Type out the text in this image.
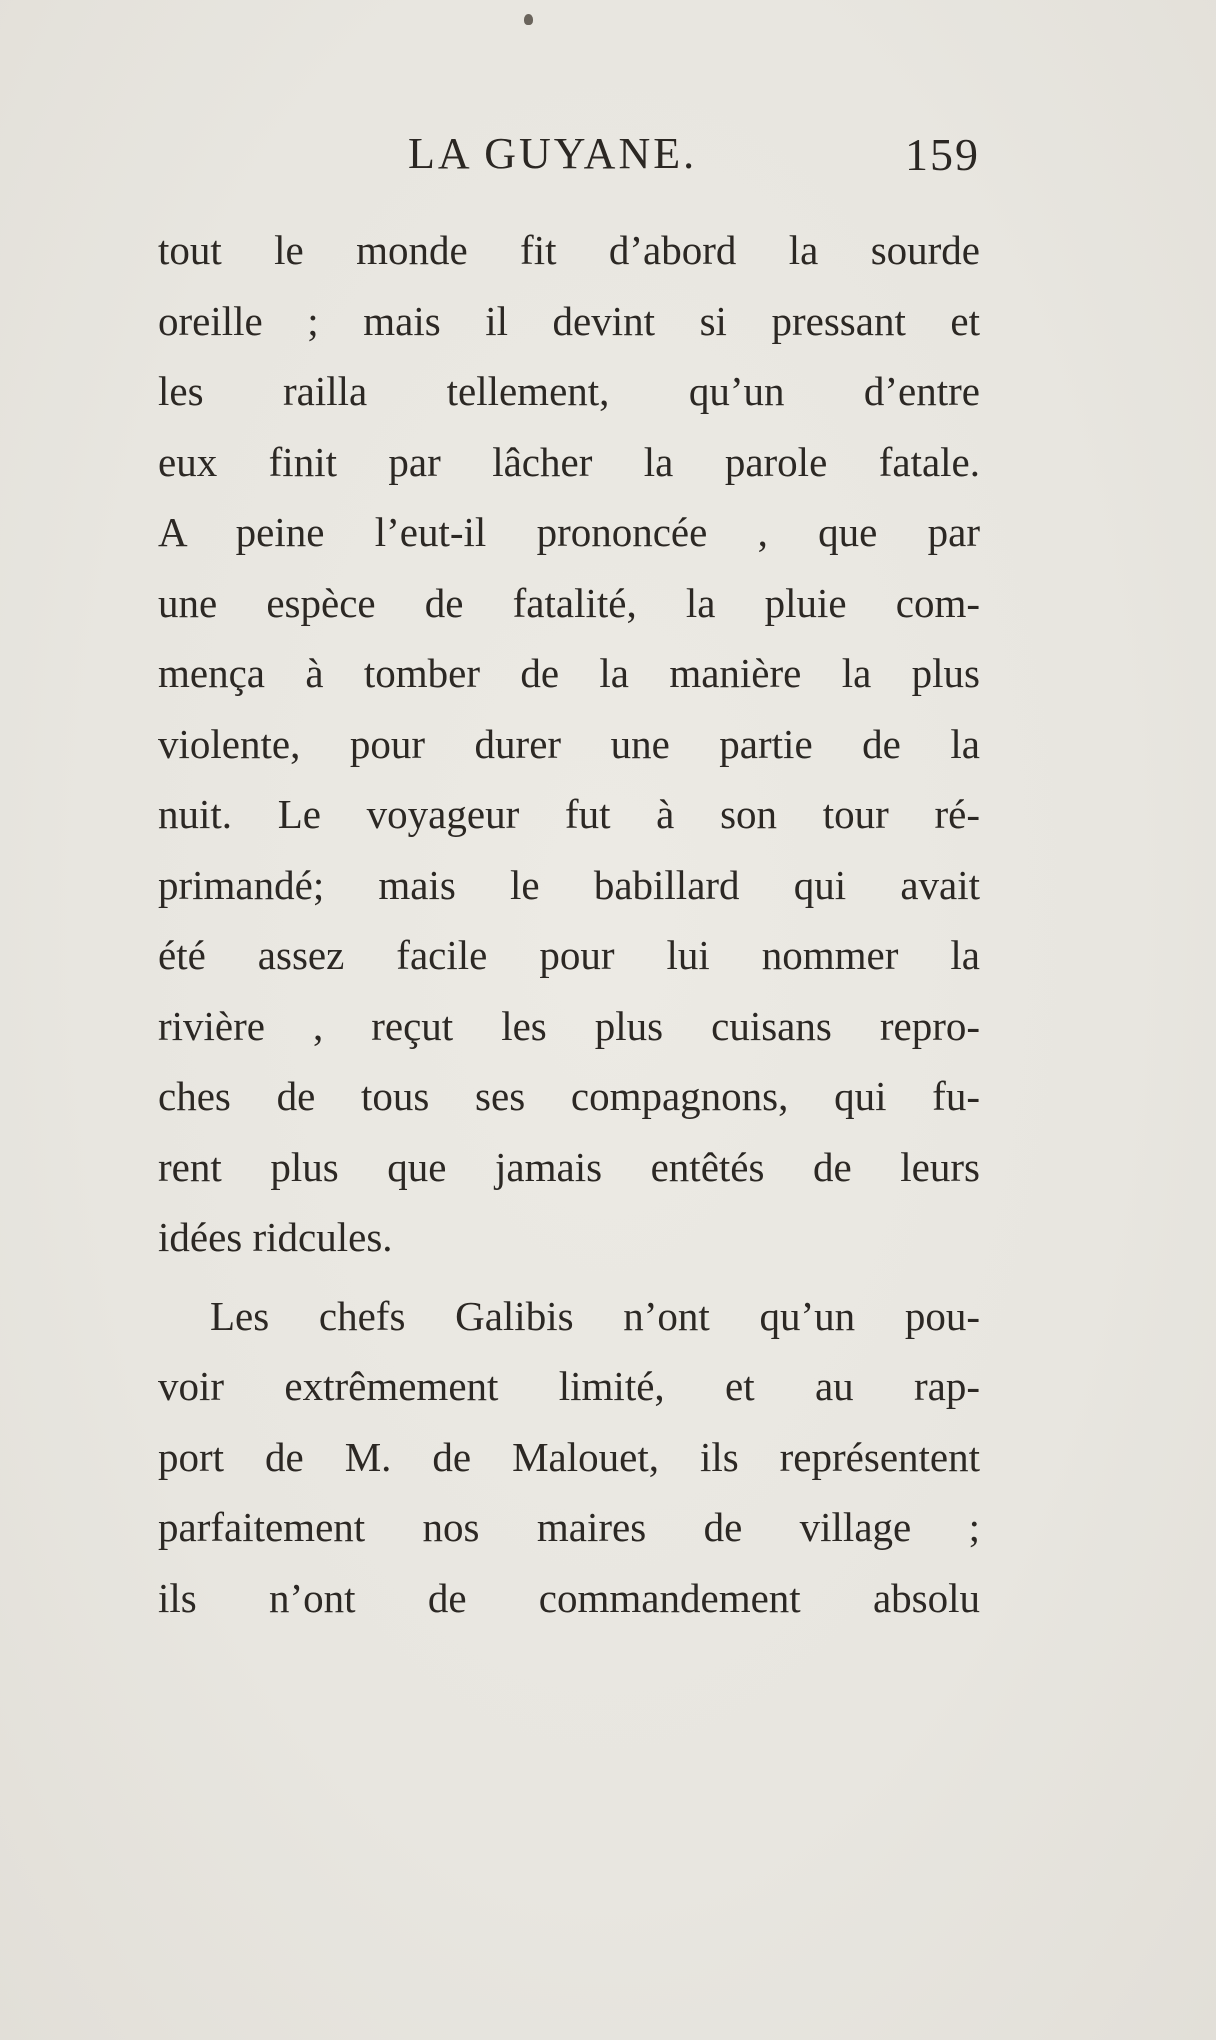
LA GUYANE.	159
tout le monde fit d’abord la sourde
oreille ; mais il devint si pressant et
les railla tellement, qu’un d’entre
eux finit par lâcher la parole fatale.
A peine l’eut-il prononcée , que par
une espèce de fatalité, la pluie com-
mença à tomber de la manière la plus
violente, pour durer une partie de la
nuit. Le voyageur fut à son tour ré-
primandé; mais le babillard qui avait
été assez facile pour lui nommer la
rivière , reçut les plus cuisans repro-
ches de tous ses compagnons, qui fu-
rent plus que jamais entêtés de leurs
idées ridcules.
Les chefs Galibis n’ont qu’un pou-
voir extrêmement limité, et au rap-
port de M. de Malouet, ils représentent
parfaitement nos maires de village ;
ils n’ont de commandement absolu
